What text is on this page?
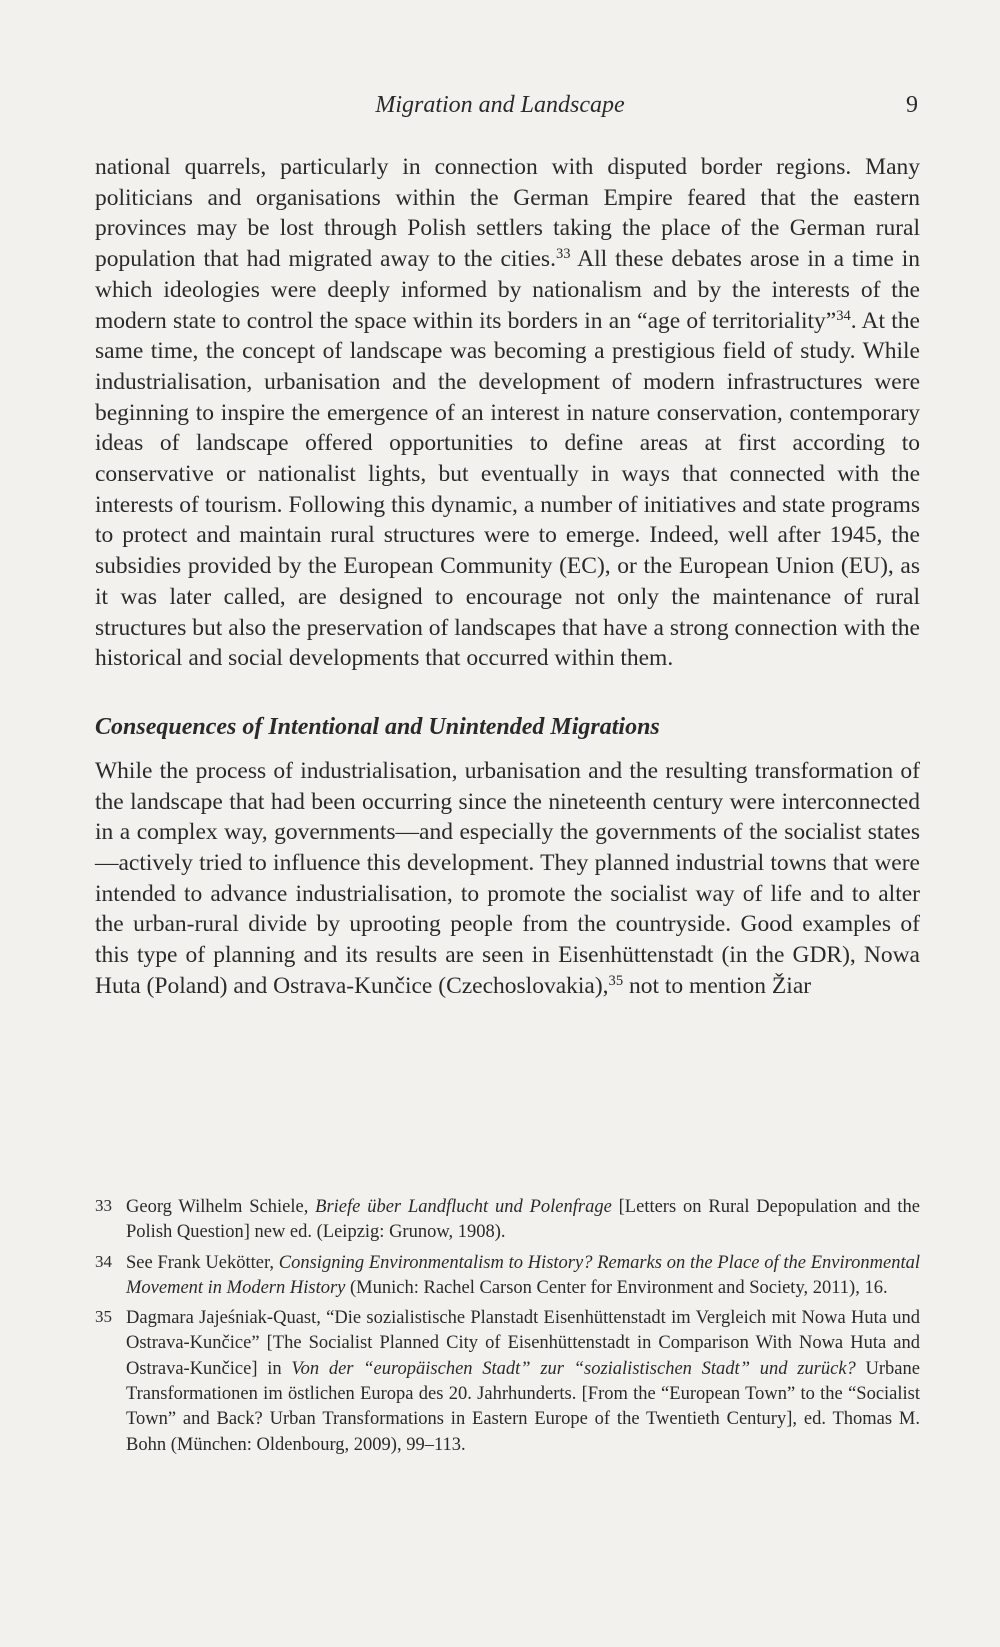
Migration and Landscape	9

national quarrels, particularly in connection with disputed border regions. Many politicians and organisations within the German Empire feared that the eastern provinces may be lost through Polish settlers taking the place of the German rural population that had migrated away to the cities.$^{33}$ All these debates arose in a time in which ideologies were deeply informed by nationalism and by the interests of the modern state to control the space within its borders in an “age of territoriality”$^{34}$. At the same time, the concept of landscape was becoming a prestigious field of study. While industrialisation, urbanisation and the development of modern infrastructures were beginning to inspire the emergence of an interest in nature conservation, contemporary ideas of landscape offered opportunities to define areas at first according to conservative or nationalist lights, but eventually in ways that connected with the interests of tourism. Following this dynamic, a number of initiatives and state programs to protect and maintain rural structures were to emerge. Indeed, well after 1945, the subsidies provided by the European Community (EC), or the European Union (EU), as it was later called, are designed to encourage not only the maintenance of rural structures but also the preservation of landscapes that have a strong connection with the historical and social developments that occurred within them.

Consequences of Intentional and Unintended Migrations

While the process of industrialisation, urbanisation and the resulting transformation of the landscape that had been occurring since the nineteenth century were interconnected in a complex way, governments—and especially the governments of the socialist states—actively tried to influence this development. They planned industrial towns that were intended to advance industrialisation, to promote the socialist way of life and to alter the urban-rural divide by uprooting people from the countryside. Good examples of this type of planning and its results are seen in Eisenhüttenstadt (in the GDR), Nowa Huta (Poland) and Ostrava-Kunčice (Czechoslovakia),$^{35}$ not to mention Žiar

33 Georg Wilhelm Schiele, Briefe über Landflucht und Polenfrage [Letters on Rural Depopulation and the Polish Question] new ed. (Leipzig: Grunow, 1908).

34 See Frank Uekötter, Consigning Environmentalism to History? Remarks on the Place of the Environmental Movement in Modern History (Munich: Rachel Carson Center for Environment and Society, 2011), 16.

35 Dagmara Jajeśniak-Quast, “Die sozialistische Planstadt Eisenhüttenstadt im Vergleich mit Nowa Huta und Ostrava-Kunčice” [The Socialist Planned City of Eisenhüttenstadt in Comparison With Nowa Huta and Ostrava-Kunčice] in Von der “europäischen Stadt” zur “sozialistischen Stadt” und zurück? Urbane Transformationen im östlichen Europa des 20. Jahrhunderts. [From the “European Town” to the “Socialist Town” and Back? Urban Transformations in Eastern Europe of the Twentieth Century], ed. Thomas M. Bohn (München: Oldenbourg, 2009), 99–113.
